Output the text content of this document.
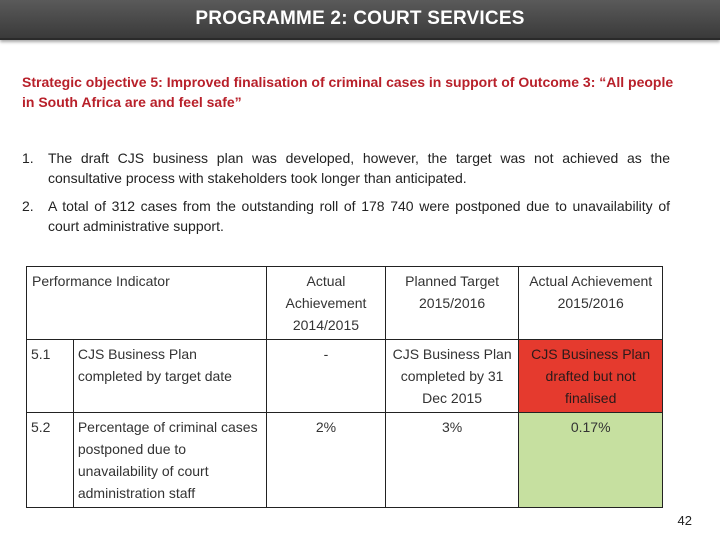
PROGRAMME 2: COURT SERVICES
Strategic objective 5: Improved finalisation of criminal cases in support of Outcome 3: “All people in South Africa are and feel safe”
1.	The draft CJS business plan was developed, however, the target was not achieved as the consultative process with stakeholders took longer than anticipated.
2.	A total of 312 cases from the outstanding roll of 178 740 were postponed due to unavailability of court administrative support.
Performance Indicator		Actual Achievement 2014/2015	Planned Target 2015/2016	Actual Achievement 2015/2016
5.1	CJS Business Plan completed by target date	-	CJS Business Plan completed by 31 Dec 2015	CJS Business Plan drafted but not finalised
5.2	Percentage of criminal cases postponed due to unavailability of court administration staff	2%	3%	0.17%
42
